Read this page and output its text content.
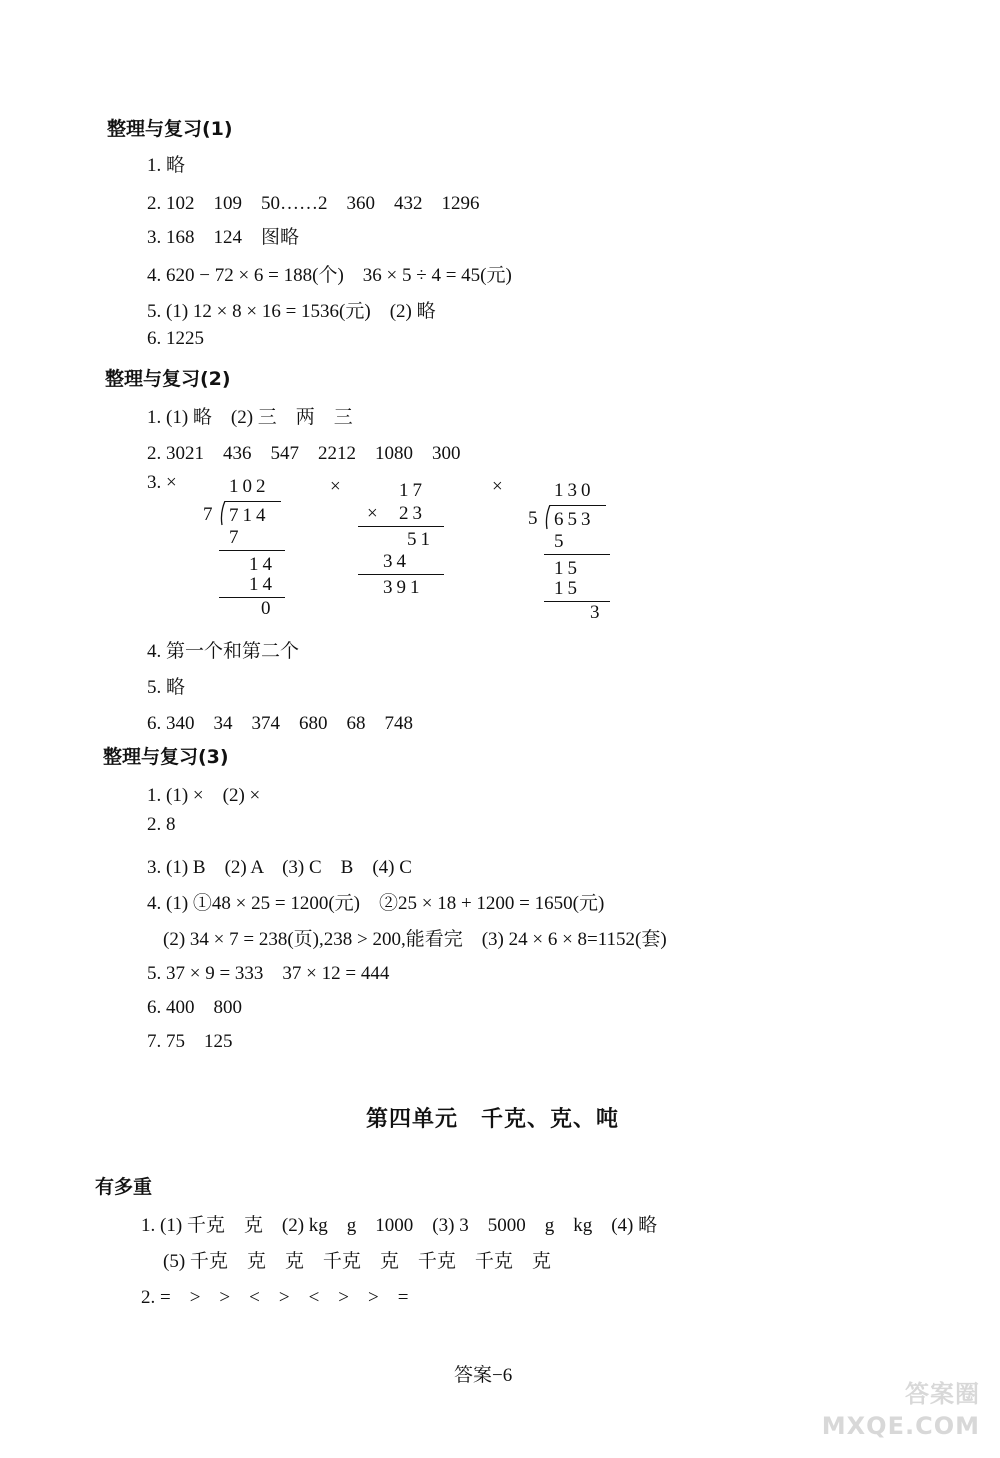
整理与复习(1)
1. 略
2. 102　109　50……2　360　432　1296
3. 168　124　图略
4. 620 − 72 × 6 = 188(个)　36 × 5 ÷ 4 = 45(元)
5. (1) 12 × 8 × 16 = 1536(元)　(2) 略
6. 1225
整理与复习(2)
1. (1) 略　(2) 三　两　三
2. 3021　436　547　2212　1080　300
3. ×	×	×
102
7 714
7
14
14
0
17
× 23
51
34
391
130
5 653
5
15
15
3
4. 第一个和第二个
5. 略
6. 340　34　374　680　68　748
整理与复习(3)
1. (1) ×　(2) ×
2. 8
3. (1) B　(2) A　(3) C　B　(4) C
4. (1) ①48 × 25 = 1200(元)　②25 × 18 + 1200 = 1650(元)
(2) 34 × 7 = 238(页),238 > 200,能看完　(3) 24 × 6 × 8=1152(套)
5. 37 × 9 = 333　37 × 12 = 444
6. 400　800
7. 75　125
第四单元　千克、克、吨
有多重
1. (1) 千克　克　(2) kg　g　1000　(3) 3　5000　g　kg　(4) 略
(5) 千克　克　克　千克　克　千克　千克　克
2. =　>　>　<　>　<　>　>　=
答案−6
答案圈 MXQE.COM
